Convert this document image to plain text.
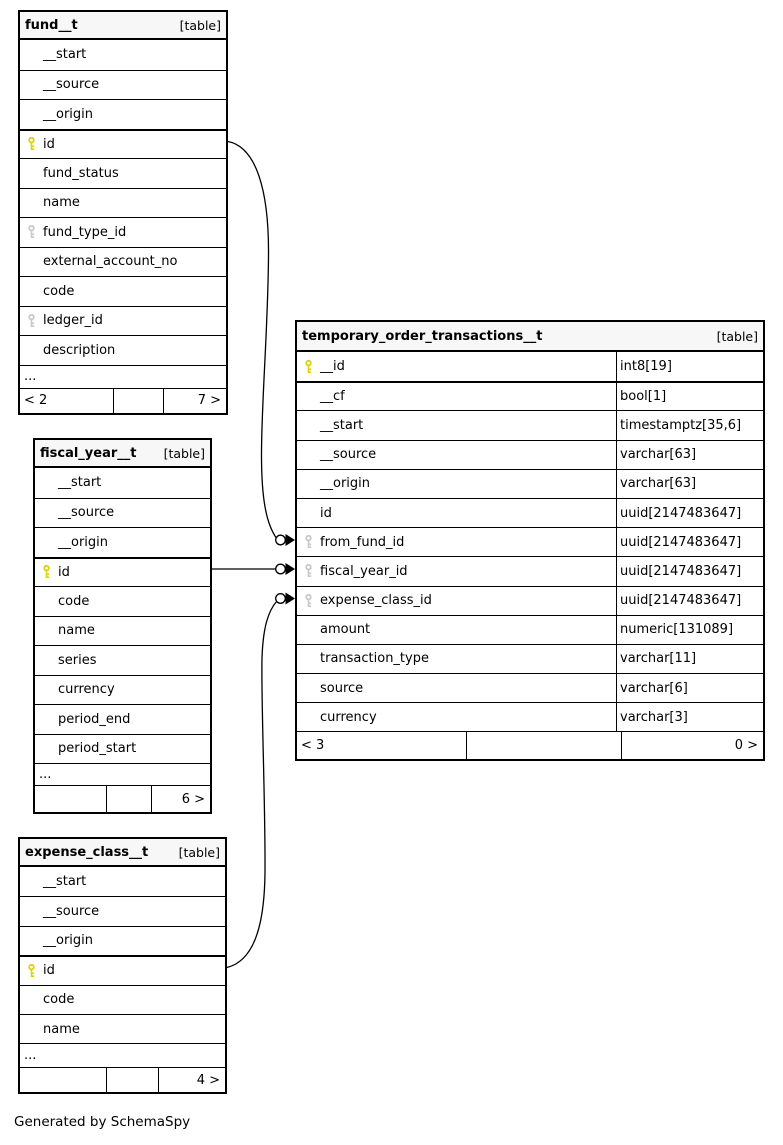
fund__t	[table]
__start
__source
__origin
id
fund_status
name
fund_type_id
external_account_no
code
ledger_id
description
...
< 2	7 >
fiscal_year__t [table]
__start
__source
__origin
id
code
name
series
currency
period_end
period_start
...
6 >
expense_class__t [table]
__start
__source
__origin
id
code
name
...
4 >
temporary_order_transactions__t	[table]
__id	int8[19]
__cf	bool[1]
__start	timestamptz[35,6]
__source	varchar[63]
__origin	varchar[63]
id	uuid[2147483647]
from_fund_id	uuid[2147483647]
fiscal_year_id	uuid[2147483647]
expense_class_id	uuid[2147483647]
amount	numeric[131089]
transaction_type	varchar[11]
source	varchar[6]
currency	varchar[3]
< 3	0 >
Generated by SchemaSpy
